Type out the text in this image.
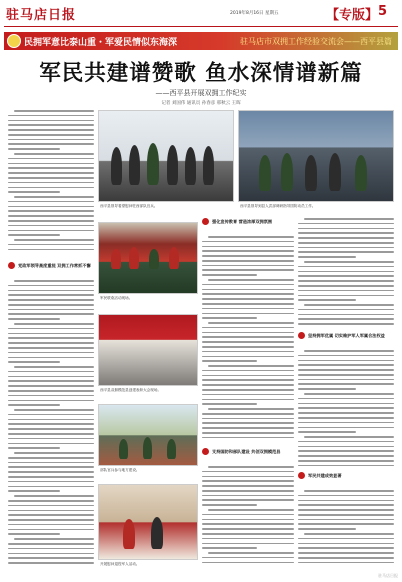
驻马店日报	2019年8月16日 星期五	【专版】 5
民拥军意比泰山重・军爱民情似东海深	驻马店市双拥工作经验交流会——西平县篇
军民共建谱赞歌 鱼水深情谱新篇
——西平县开展双拥工作纪实
记者 刘国伟 通讯员 孙春彦 邢秋云 王晖
党政军领导高度重视 双拥工作常抓不懈
西平县领导看望慰问驻西部队官兵。	西平县领导到县人武部调研指导国防动员工作。
军民联欢活动现场。
西平县双拥模范县创建表彰大会现场。
部队官兵参与地方建设。
开展慰问退役军人活动。
强化宣传教育 营造浓厚双拥氛围
支持国防和部队建设 共创双拥模范县
坚持拥军优属 切实维护军人军属合法权益
军民共建成效显著
驻马店日报
